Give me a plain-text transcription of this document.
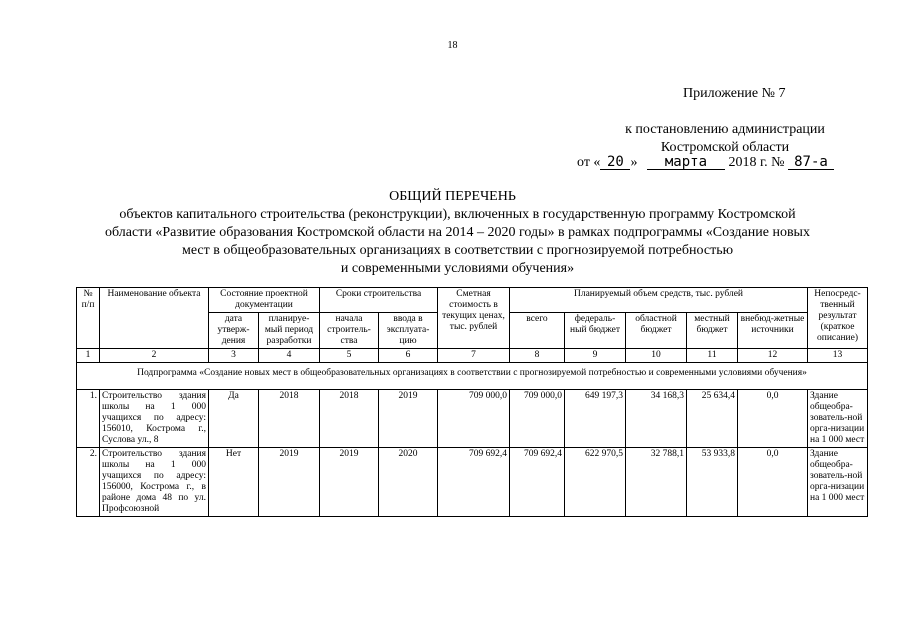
18
Приложение № 7
к постановлению администрации
Костромской области
от « 20 » марта 2018 г. № 87-а
ОБЩИЙ ПЕРЕЧЕНЬ
объектов капитального строительства (реконструкции), включенных в государственную программу Костромской
области «Развитие образования Костромской области на 2014 – 2020 годы» в рамках подпрограммы «Создание новых
мест в общеобразовательных организациях в соответствии с прогнозируемой потребностью
и современными условиями обучения»
№ п/п	Наименование объекта	Состояние проектной документации		Сроки строительства		Сметная стоимость в текущих ценах, тыс. рублей	Планируемый объем средств, тыс. рублей					Непосредс-твенный результат (краткое описание)
		дата утверж-дения	планируе-мый период разработки	начала строитель-ства	ввода в эксплуата-цию		всего	федераль-ный бюджет	областной бюджет	местный бюджет	внебюд-жетные источники	
1	2	3	4	5	6	7	8	9	10	11	12	13
Подпрограмма «Создание новых мест в общеобразовательных организациях в соответствии с прогнозируемой потребностью и современными условиями обучения»												
1.	Строительство здания школы на 1 000 учащихся по адресу: 156010, Кострома г., Суслова ул., 8	Да	2018	2018	2019	709 000,0	709 000,0	649 197,3	34 168,3	25 634,4	0,0	Здание общеобра-зователь-ной орга-низации на 1 000 мест
2.	Строительство здания школы на 1 000 учащихся по адресу: 156000, Кострома г., в районе дома 48 по ул. Профсоюзной	Нет	2019	2019	2020	709 692,4	709 692,4	622 970,5	32 788,1	53 933,8	0,0	Здание общеобра-зователь-ной орга-низации на 1 000 мест
